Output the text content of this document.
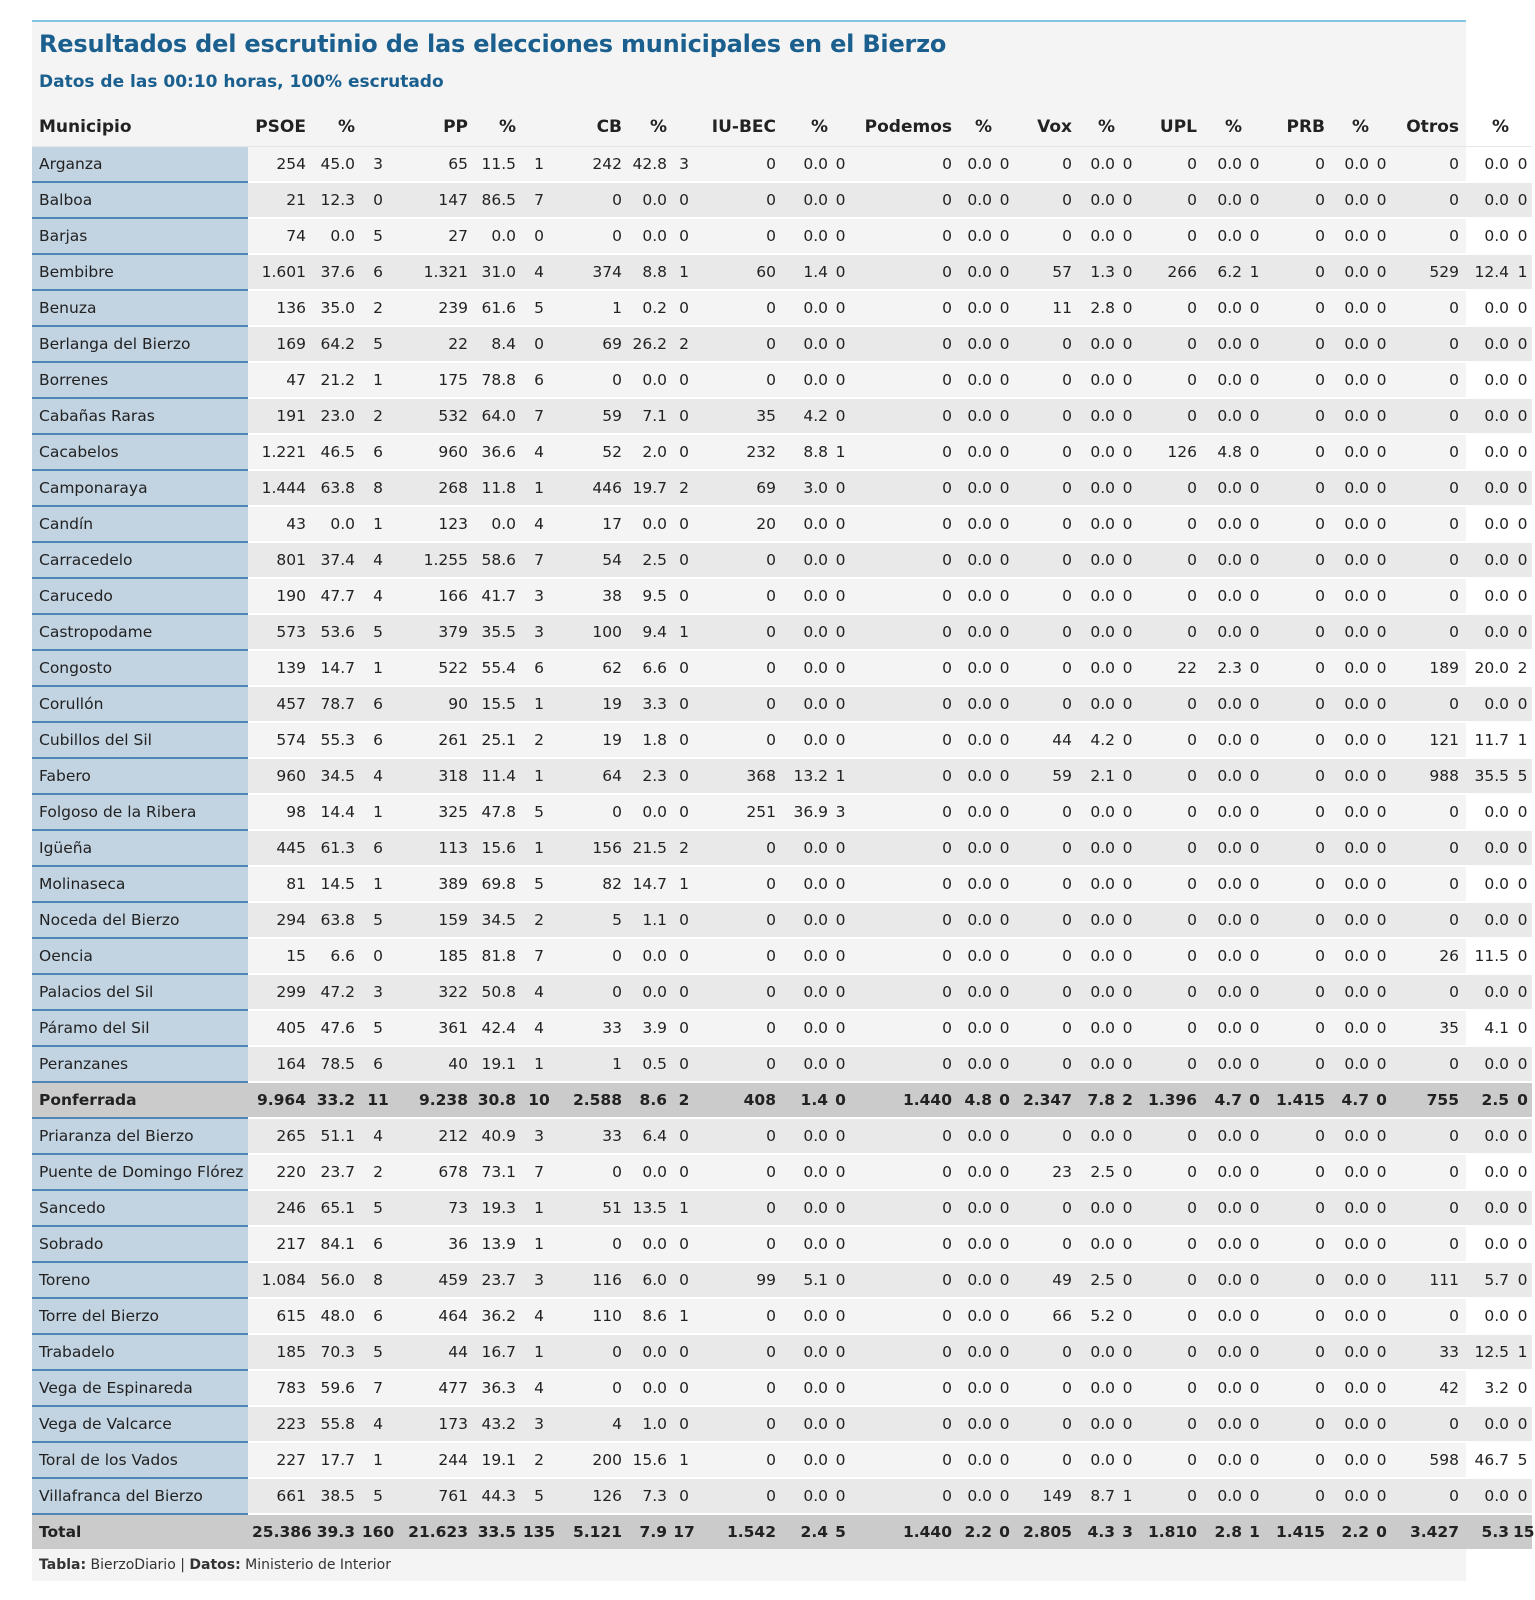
Resultados del escrutinio de las elecciones municipales en el Bierzo
Datos de las 00:10 horas, 100% escrutado
Municipio	PSOE	%		PP	%		CB	%		IU-BEC	%		Podemos	%		Vox	%		UPL	%		PRB	%		Otros	%	
Arganza	254	45.0	3	65	11.5	1	242	42.8	3	0	0.0	0	0	0.0	0	0	0.0	0	0	0.0	0	0	0.0	0	0	0.0	0
Balboa	21	12.3	0	147	86.5	7	0	0.0	0	0	0.0	0	0	0.0	0	0	0.0	0	0	0.0	0	0	0.0	0	0	0.0	0
Barjas	74	0.0	5	27	0.0	0	0	0.0	0	0	0.0	0	0	0.0	0	0	0.0	0	0	0.0	0	0	0.0	0	0	0.0	0
Bembibre	1.601	37.6	6	1.321	31.0	4	374	8.8	1	60	1.4	0	0	0.0	0	57	1.3	0	266	6.2	1	0	0.0	0	529	12.4	1
Benuza	136	35.0	2	239	61.6	5	1	0.2	0	0	0.0	0	0	0.0	0	11	2.8	0	0	0.0	0	0	0.0	0	0	0.0	0
Berlanga del Bierzo	169	64.2	5	22	8.4	0	69	26.2	2	0	0.0	0	0	0.0	0	0	0.0	0	0	0.0	0	0	0.0	0	0	0.0	0
Borrenes	47	21.2	1	175	78.8	6	0	0.0	0	0	0.0	0	0	0.0	0	0	0.0	0	0	0.0	0	0	0.0	0	0	0.0	0
Cabañas Raras	191	23.0	2	532	64.0	7	59	7.1	0	35	4.2	0	0	0.0	0	0	0.0	0	0	0.0	0	0	0.0	0	0	0.0	0
Cacabelos	1.221	46.5	6	960	36.6	4	52	2.0	0	232	8.8	1	0	0.0	0	0	0.0	0	126	4.8	0	0	0.0	0	0	0.0	0
Camponaraya	1.444	63.8	8	268	11.8	1	446	19.7	2	69	3.0	0	0	0.0	0	0	0.0	0	0	0.0	0	0	0.0	0	0	0.0	0
Candín	43	0.0	1	123	0.0	4	17	0.0	0	20	0.0	0	0	0.0	0	0	0.0	0	0	0.0	0	0	0.0	0	0	0.0	0
Carracedelo	801	37.4	4	1.255	58.6	7	54	2.5	0	0	0.0	0	0	0.0	0	0	0.0	0	0	0.0	0	0	0.0	0	0	0.0	0
Carucedo	190	47.7	4	166	41.7	3	38	9.5	0	0	0.0	0	0	0.0	0	0	0.0	0	0	0.0	0	0	0.0	0	0	0.0	0
Castropodame	573	53.6	5	379	35.5	3	100	9.4	1	0	0.0	0	0	0.0	0	0	0.0	0	0	0.0	0	0	0.0	0	0	0.0	0
Congosto	139	14.7	1	522	55.4	6	62	6.6	0	0	0.0	0	0	0.0	0	0	0.0	0	22	2.3	0	0	0.0	0	189	20.0	2
Corullón	457	78.7	6	90	15.5	1	19	3.3	0	0	0.0	0	0	0.0	0	0	0.0	0	0	0.0	0	0	0.0	0	0	0.0	0
Cubillos del Sil	574	55.3	6	261	25.1	2	19	1.8	0	0	0.0	0	0	0.0	0	44	4.2	0	0	0.0	0	0	0.0	0	121	11.7	1
Fabero	960	34.5	4	318	11.4	1	64	2.3	0	368	13.2	1	0	0.0	0	59	2.1	0	0	0.0	0	0	0.0	0	988	35.5	5
Folgoso de la Ribera	98	14.4	1	325	47.8	5	0	0.0	0	251	36.9	3	0	0.0	0	0	0.0	0	0	0.0	0	0	0.0	0	0	0.0	0
Igüeña	445	61.3	6	113	15.6	1	156	21.5	2	0	0.0	0	0	0.0	0	0	0.0	0	0	0.0	0	0	0.0	0	0	0.0	0
Molinaseca	81	14.5	1	389	69.8	5	82	14.7	1	0	0.0	0	0	0.0	0	0	0.0	0	0	0.0	0	0	0.0	0	0	0.0	0
Noceda del Bierzo	294	63.8	5	159	34.5	2	5	1.1	0	0	0.0	0	0	0.0	0	0	0.0	0	0	0.0	0	0	0.0	0	0	0.0	0
Oencia	15	6.6	0	185	81.8	7	0	0.0	0	0	0.0	0	0	0.0	0	0	0.0	0	0	0.0	0	0	0.0	0	26	11.5	0
Palacios del Sil	299	47.2	3	322	50.8	4	0	0.0	0	0	0.0	0	0	0.0	0	0	0.0	0	0	0.0	0	0	0.0	0	0	0.0	0
Páramo del Sil	405	47.6	5	361	42.4	4	33	3.9	0	0	0.0	0	0	0.0	0	0	0.0	0	0	0.0	0	0	0.0	0	35	4.1	0
Peranzanes	164	78.5	6	40	19.1	1	1	0.5	0	0	0.0	0	0	0.0	0	0	0.0	0	0	0.0	0	0	0.0	0	0	0.0	0
Ponferrada	9.964	33.2	11	9.238	30.8	10	2.588	8.6	2	408	1.4	0	1.440	4.8	0	2.347	7.8	2	1.396	4.7	0	1.415	4.7	0	755	2.5	0
Priaranza del Bierzo	265	51.1	4	212	40.9	3	33	6.4	0	0	0.0	0	0	0.0	0	0	0.0	0	0	0.0	0	0	0.0	0	0	0.0	0
Puente de Domingo Flórez	220	23.7	2	678	73.1	7	0	0.0	0	0	0.0	0	0	0.0	0	23	2.5	0	0	0.0	0	0	0.0	0	0	0.0	0
Sancedo	246	65.1	5	73	19.3	1	51	13.5	1	0	0.0	0	0	0.0	0	0	0.0	0	0	0.0	0	0	0.0	0	0	0.0	0
Sobrado	217	84.1	6	36	13.9	1	0	0.0	0	0	0.0	0	0	0.0	0	0	0.0	0	0	0.0	0	0	0.0	0	0	0.0	0
Toreno	1.084	56.0	8	459	23.7	3	116	6.0	0	99	5.1	0	0	0.0	0	49	2.5	0	0	0.0	0	0	0.0	0	111	5.7	0
Torre del Bierzo	615	48.0	6	464	36.2	4	110	8.6	1	0	0.0	0	0	0.0	0	66	5.2	0	0	0.0	0	0	0.0	0	0	0.0	0
Trabadelo	185	70.3	5	44	16.7	1	0	0.0	0	0	0.0	0	0	0.0	0	0	0.0	0	0	0.0	0	0	0.0	0	33	12.5	1
Vega de Espinareda	783	59.6	7	477	36.3	4	0	0.0	0	0	0.0	0	0	0.0	0	0	0.0	0	0	0.0	0	0	0.0	0	42	3.2	0
Vega de Valcarce	223	55.8	4	173	43.2	3	4	1.0	0	0	0.0	0	0	0.0	0	0	0.0	0	0	0.0	0	0	0.0	0	0	0.0	0
Toral de los Vados	227	17.7	1	244	19.1	2	200	15.6	1	0	0.0	0	0	0.0	0	0	0.0	0	0	0.0	0	0	0.0	0	598	46.7	5
Villafranca del Bierzo	661	38.5	5	761	44.3	5	126	7.3	0	0	0.0	0	0	0.0	0	149	8.7	1	0	0.0	0	0	0.0	0	0	0.0	0
Total	25.386	39.3	160	21.623	33.5	135	5.121	7.9	17	1.542	2.4	5	1.440	2.2	0	2.805	4.3	3	1.810	2.8	1	1.415	2.2	0	3.427	5.3	15
Tabla: BierzoDiario | Datos: Ministerio de Interior
